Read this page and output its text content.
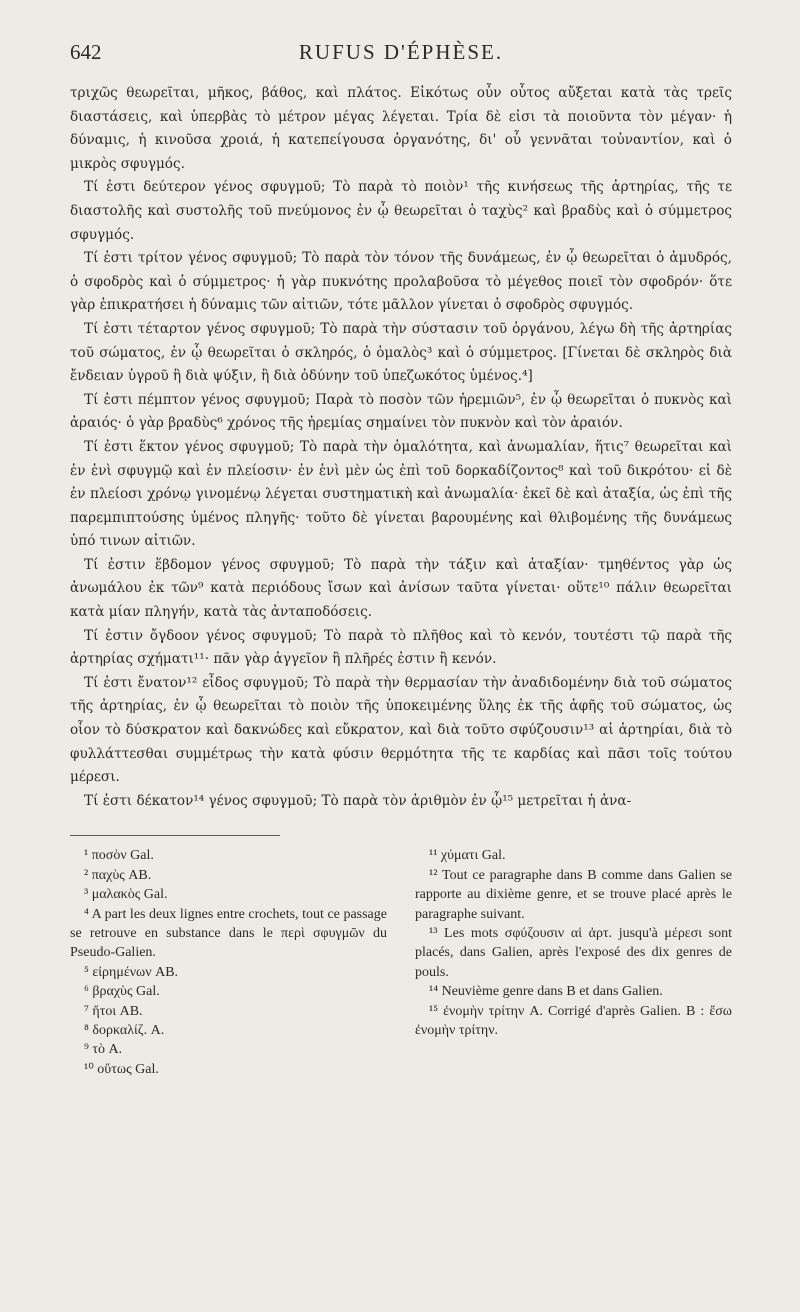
642	RUFUS D'ÉPHÈSE.

τριχῶς θεωρεῖται, μῆκος, βάθος, καὶ πλάτος. Εἰκότως οὖν οὗτος αὔξεται κατὰ τὰς τρεῖς διαστάσεις, καὶ ὑπερβὰς τὸ μέτρον μέγας λέγεται. Τρία δὲ εἰσι τὰ ποιοῦντα τὸν μέγαν· ἡ δύναμις, ἡ κινοῦσα χροιά, ἡ κατεπείγουσα ὀργανότης, δι' οὗ γεννᾶται τοὐναντίον, καὶ ὁ μικρὸς σφυγμός.

Τί ἐστι δεύτερον γένος σφυγμοῦ; Τὸ παρὰ τὸ ποιὸν¹ τῆς κινήσεως τῆς ἀρτηρίας, τῆς τε διαστολῆς καὶ συστολῆς τοῦ πνεύμονος ἐν ᾧ θεωρεῖται ὁ ταχὺς² καὶ βραδὺς καὶ ὁ σύμμετρος σφυγμός.

Τί ἐστι τρίτον γένος σφυγμοῦ; Τὸ παρὰ τὸν τόνον τῆς δυνάμεως, ἐν ᾧ θεωρεῖται ὁ ἀμυδρός, ὁ σφοδρὸς καὶ ὁ σύμμετρος· ἡ γὰρ πυκνότης προλαβοῦσα τὸ μέγεθος ποιεῖ τὸν σφοδρόν· ὅτε γὰρ ἐπικρατήσει ἡ δύναμις τῶν αἰτιῶν, τότε μᾶλλον γίνεται ὁ σφοδρὸς σφυγμός.

Τί ἐστι τέταρτον γένος σφυγμοῦ; Τὸ παρὰ τὴν σύστασιν τοῦ ὀργάνου, λέγω δὴ τῆς ἀρτηρίας τοῦ σώματος, ἐν ᾧ θεωρεῖται ὁ σκληρός, ὁ ὁμαλὸς³ καὶ ὁ σύμμετρος. [Γίνεται δὲ σκληρὸς διὰ ἔνδειαν ὑγροῦ ἢ διὰ ψύξιν, ἢ διὰ ὀδύνην τοῦ ὑπεζωκότος ὑμένος.⁴]

Τί ἐστι πέμπτον γένος σφυγμοῦ; Παρὰ τὸ ποσὸν τῶν ἠρεμιῶν⁵, ἐν ᾧ θεωρεῖται ὁ πυκνὸς καὶ ἀραιός· ὁ γὰρ βραδὺς⁶ χρόνος τῆς ἠρεμίας σημαίνει τὸν πυκνὸν καὶ τὸν ἀραιόν.

Τί ἐστι ἕκτον γένος σφυγμοῦ; Τὸ παρὰ τὴν ὁμαλότητα, καὶ ἀνωμαλίαν, ἥτις⁷ θεωρεῖται καὶ ἐν ἑνὶ σφυγμῷ καὶ ἐν πλείοσιν· ἐν ἑνὶ μὲν ὡς ἐπὶ τοῦ δορκαδίζοντος⁸ καὶ τοῦ δικρότου· εἰ δὲ ἐν πλείοσι χρόνῳ γινομένῳ λέγεται συστηματικὴ καὶ ἀνωμαλία· ἐκεῖ δὲ καὶ ἀταξία, ὡς ἐπὶ τῆς παρεμπιπτούσης ὑμένος πληγῆς· τοῦτο δὲ γίνεται βαρουμένης καὶ θλιβομένης τῆς δυνάμεως ὑπό τινων αἰτιῶν.

Τί ἐστιν ἕβδομον γένος σφυγμοῦ; Τὸ παρὰ τὴν τάξιν καὶ ἀταξίαν· τμηθέντος γὰρ ὡς ἀνωμάλου ἐκ τῶν⁹ κατὰ περιόδους ἴσων καὶ ἀνίσων ταῦτα γίνεται· οὕτε¹⁰ πάλιν θεωρεῖται κατὰ μίαν πληγήν, κατὰ τὰς ἀνταποδόσεις.

Τί ἐστιν ὄγδοον γένος σφυγμοῦ; Τὸ παρὰ τὸ πλῆθος καὶ τὸ κενόν, τουτέστι τῷ παρὰ τῆς ἀρτηρίας σχήματι¹¹· πᾶν γὰρ ἀγγεῖον ἢ πλῆρές ἐστιν ἢ κενόν.

Τί ἐστι ἔνατον¹² εἶδος σφυγμοῦ; Τὸ παρὰ τὴν θερμασίαν τὴν ἀναδιδομένην διὰ τοῦ σώματος τῆς ἀρτηρίας, ἐν ᾧ θεωρεῖται τὸ ποιὸν τῆς ὑποκειμένης ὕλης ἐκ τῆς ἀφῆς τοῦ σώματος, ὡς οἷον τὸ δύσκρατον καὶ δακνώδες καὶ εὔκρατον, καὶ διὰ τοῦτο σφύζουσιν¹³ αἱ ἀρτηρίαι, διὰ τὸ φυλλάττεσθαι συμμέτρως τὴν κατὰ φύσιν θερμότητα τῆς τε καρδίας καὶ πᾶσι τοῖς τούτου μέρεσι.

Τί ἐστι δέκατον¹⁴ γένος σφυγμοῦ; Τὸ παρὰ τὸν ἀριθμὸν ἐν ᾧ¹⁵ μετρεῖται ἡ ἀνα-

¹ ποσὸν Gal.
² παχὺς AB.
³ μαλακὸς Gal.
⁴ A part les deux lignes entre crochets, tout ce passage se retrouve en substance dans le περὶ σφυγμῶν du Pseudo-Galien.
⁵ εἰρημένων AB.
⁶ βραχὺς Gal.
⁷ ἤτοι AB.
⁸ δορκαλίζ. A.
⁹ τὸ A.
¹⁰ οὕτως Gal.
¹¹ χύματι Gal.
¹² Tout ce paragraphe dans B comme dans Galien se rapporte au dixième genre, et se trouve placé après le paragraphe suivant.
¹³ Les mots σφύζουσιν αἱ ἀρτ. jusqu'à μέρεσι sont placés, dans Galien, après l'exposé des dix genres de pouls.
¹⁴ Neuvième genre dans B et dans Galien.
¹⁵ ἐνομὴν τρίτην A. Corrigé d'après Galien. B : ἔσω ἐνομὴν τρίτην.
